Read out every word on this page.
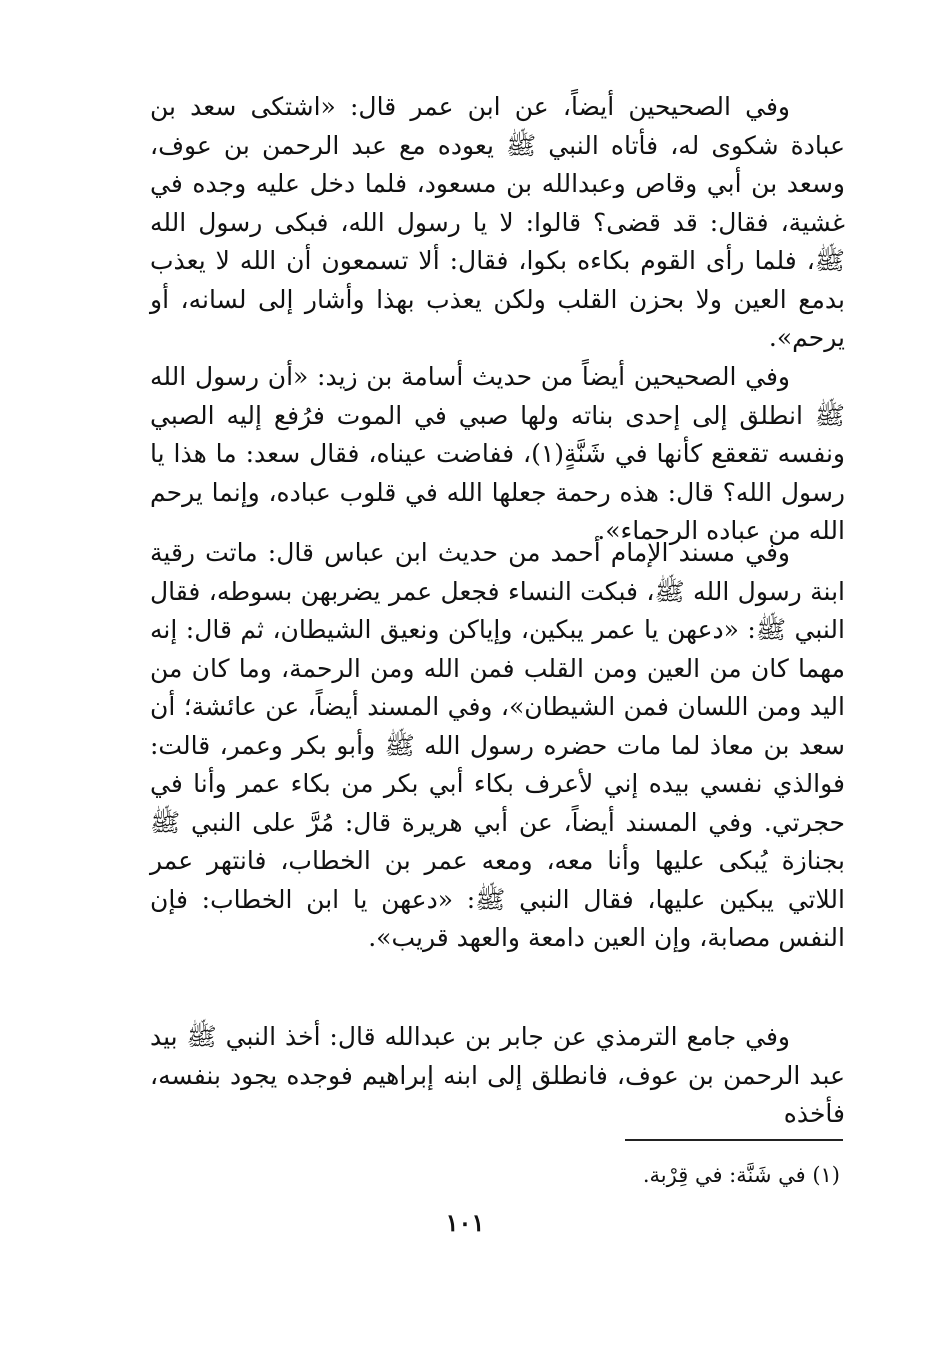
وفي الصحيحين أيضاً، عن ابن عمر قال: «اشتكى سعد بن عبادة شكوى له، فأتاه النبي ﷺ يعوده مع عبد الرحمن بن عوف، وسعد بن أبي وقاص وعبدالله بن مسعود، فلما دخل عليه وجده في غشية، فقال: قد قضى؟ قالوا: لا يا رسول الله، فبكى رسول الله ﷺ، فلما رأى القوم بكاءه بكوا، فقال: ألا تسمعون أن الله لا يعذب بدمع العين ولا بحزن القلب ولكن يعذب بهذا وأشار إلى لسانه، أو يرحم».

وفي الصحيحين أيضاً من حديث أسامة بن زيد: «أن رسول الله ﷺ انطلق إلى إحدى بناته ولها صبي في الموت فرُفع إليه الصبي ونفسه تقعقع كأنها في شَنَّةٍ(١)، ففاضت عيناه، فقال سعد: ما هذا يا رسول الله؟ قال: هذه رحمة جعلها الله في قلوب عباده، وإنما يرحم الله من عباده الرحماء».

وفي مسند الإمام أحمد من حديث ابن عباس قال: ماتت رقية ابنة رسول الله ﷺ، فبكت النساء فجعل عمر يضربهن بسوطه، فقال النبي ﷺ: «دعهن يا عمر يبكين، وإياكن ونعيق الشيطان، ثم قال: إنه مهما كان من العين ومن القلب فمن الله ومن الرحمة، وما كان من اليد ومن اللسان فمن الشيطان»، وفي المسند أيضاً، عن عائشة؛ أن سعد بن معاذ لما مات حضره رسول الله ﷺ وأبو بكر وعمر، قالت: فوالذي نفسي بيده إني لأعرف بكاء أبي بكر من بكاء عمر وأنا في حجرتي. وفي المسند أيضاً، عن أبي هريرة قال: مُرَّ على النبي ﷺ بجنازة يُبكى عليها وأنا معه، ومعه عمر بن الخطاب، فانتهر عمر اللاتي يبكين عليها، فقال النبي ﷺ: «دعهن يا ابن الخطاب: فإن النفس مصابة، وإن العين دامعة والعهد قريب».

وفي جامع الترمذي عن جابر بن عبدالله قال: أخذ النبي ﷺ بيد عبد الرحمن بن عوف، فانطلق إلى ابنه إبراهيم فوجده يجود بنفسه، فأخذه

(١) في شَنَّة: في قِرْبة.

١٠١
